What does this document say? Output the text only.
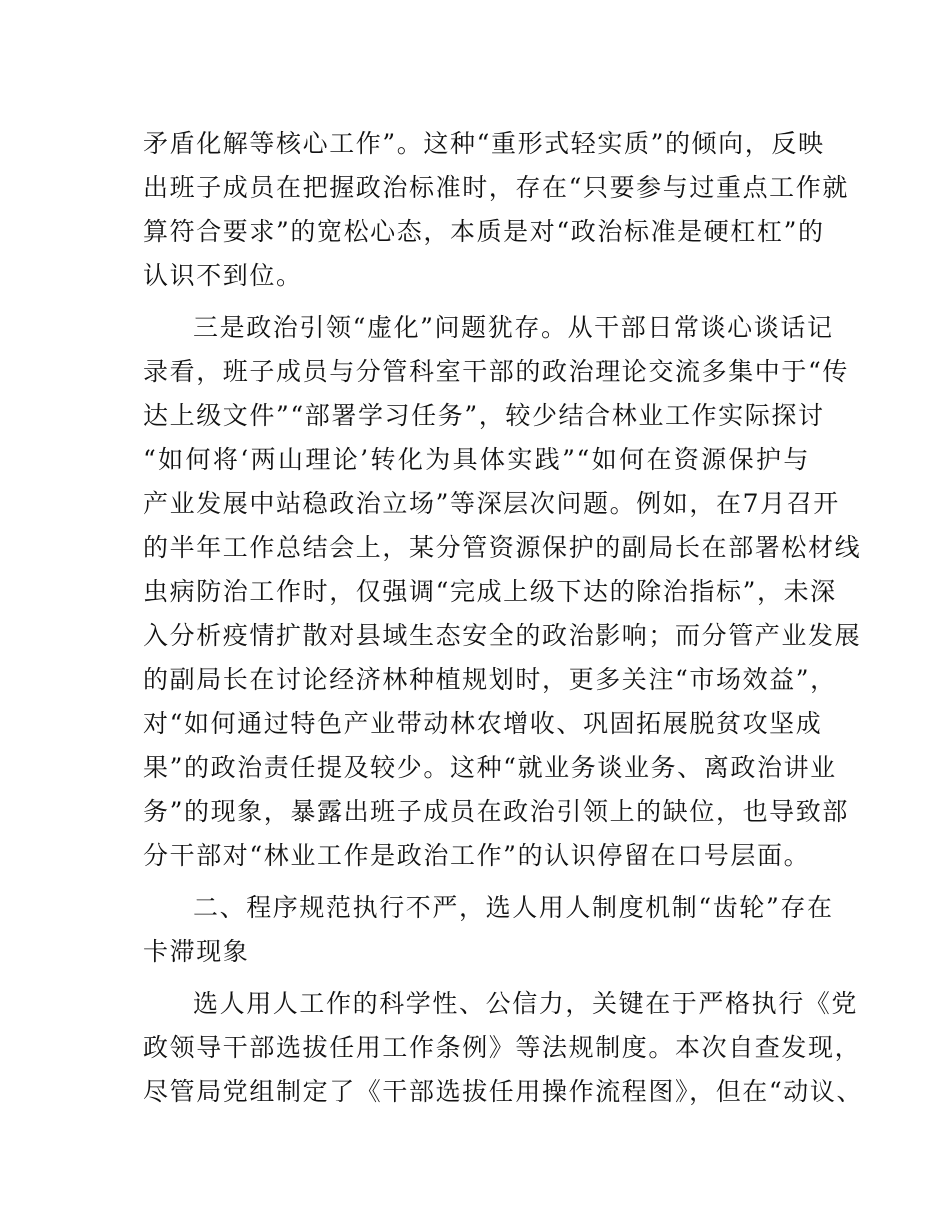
矛盾化解等核心工作”。这种“重形式轻实质”的倾向，反映
出班子成员在把握政治标准时，存在“只要参与过重点工作就
算符合要求”的宽松心态，本质是对“政治标准是硬杠杠”的
认识不到位。
三是政治引领“虚化”问题犹存。从干部日常谈心谈话记
录看，班子成员与分管科室干部的政治理论交流多集中于“传
达上级文件”“部署学习任务”，较少结合林业工作实际探讨
“如何将‘两山理论’转化为具体实践”“如何在资源保护与
产业发展中站稳政治立场”等深层次问题。例如，在7月召开
的半年工作总结会上，某分管资源保护的副局长在部署松材线
虫病防治工作时，仅强调“完成上级下达的除治指标”，未深
入分析疫情扩散对县域生态安全的政治影响；而分管产业发展
的副局长在讨论经济林种植规划时，更多关注“市场效益”，
对“如何通过特色产业带动林农增收、巩固拓展脱贫攻坚成
果”的政治责任提及较少。这种“就业务谈业务、离政治讲业
务”的现象，暴露出班子成员在政治引领上的缺位，也导致部
分干部对“林业工作是政治工作”的认识停留在口号层面。
二、程序规范执行不严，选人用人制度机制“齿轮”存在
卡滞现象
选人用人工作的科学性、公信力，关键在于严格执行《党
政领导干部选拔任用工作条例》等法规制度。本次自查发现，
尽管局党组制定了《干部选拔任用操作流程图》，但在“动议、
